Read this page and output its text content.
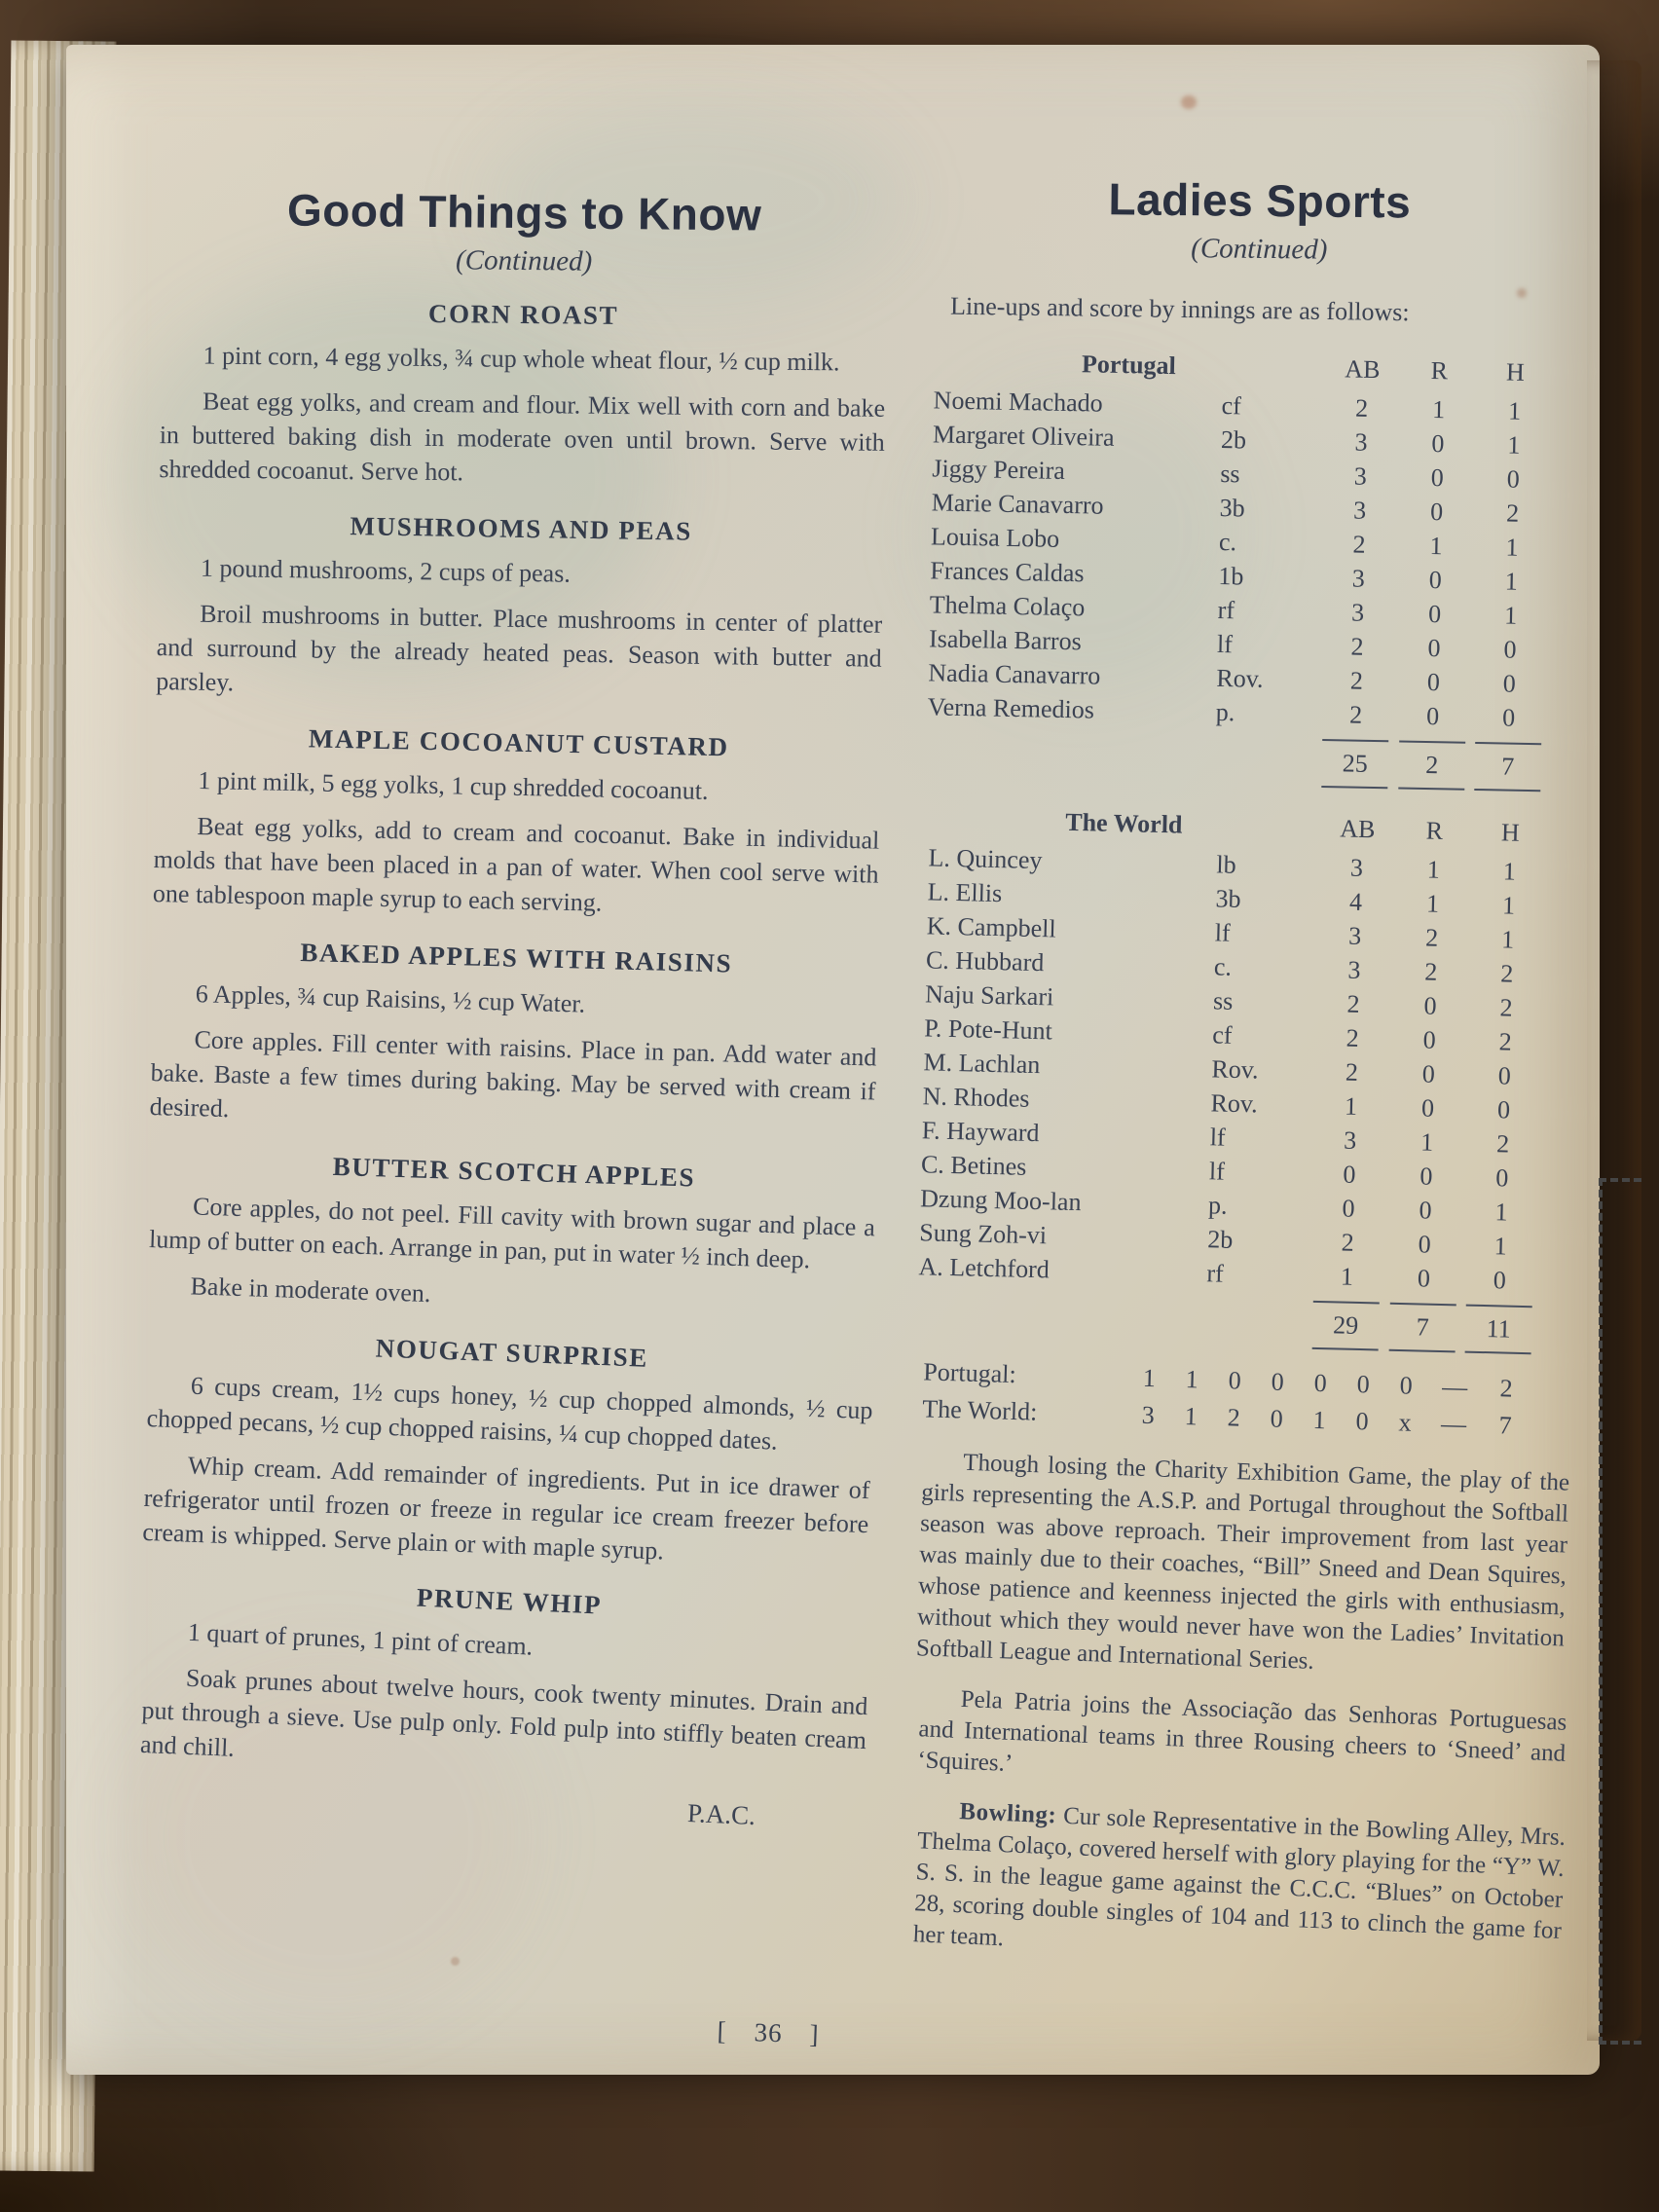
Good Things to Know
(Continued)
CORN ROAST

1 pint corn, 4 egg yolks, ¾ cup whole wheat flour, ½ cup milk.

Beat egg yolks, and cream and flour. Mix well with corn and bake in buttered baking dish in moderate oven until brown. Serve with shredded cocoanut. Serve hot.

MUSHROOMS AND PEAS

1 pound mushrooms, 2 cups of peas.

Broil mushrooms in butter. Place mushrooms in center of platter and surround by the already heated peas. Season with butter and parsley.

MAPLE COCOANUT CUSTARD

1 pint milk, 5 egg yolks, 1 cup shredded cocoanut.

Beat egg yolks, add to cream and cocoanut. Bake in individual molds that have been placed in a pan of water. When cool serve with one tablespoon maple syrup to each serving.

BAKED APPLES WITH RAISINS

6 Apples, ¾ cup Raisins, ½ cup Water.

Core apples. Fill center with raisins. Place in pan. Add water and bake. Baste a few times during baking. May be served with cream if desired.

BUTTER SCOTCH APPLES

Core apples, do not peel. Fill cavity with brown sugar and place a lump of butter on each. Arrange in pan, put in water ½ inch deep.

Bake in moderate oven.

NOUGAT SURPRISE

6 cups cream, 1½ cups honey, ½ cup chopped almonds, ½ cup chopped pecans, ½ cup chopped raisins, ¼ cup chopped dates.

Whip cream. Add remainder of ingredients. Put in ice drawer of refrigerator until frozen or freeze in regular ice cream freezer before cream is whipped. Serve plain or with maple syrup.

PRUNE WHIP

1 quart of prunes, 1 pint of cream.

Soak prunes about twelve hours, cook twenty minutes. Drain and put through a sieve. Use pulp only. Fold pulp into stiffly beaten cream and chill.

P.A.C.

Ladies Sports
(Continued)

Line-ups and score by innings are as follows:

Portugal	AB	R	H
Noemi Machado	cf	2	1	1
Margaret Oliveira	2b	3	0	1
Jiggy Pereira	ss	3	0	0
Marie Canavarro	3b	3	0	2
Louisa Lobo	c.	2	1	1
Frances Caldas	1b	3	0	1
Thelma Colaço	rf	3	0	1
Isabella Barros	lf	2	0	0
Nadia Canavarro	Rov.	2	0	0
Verna Remedios	p.	2	0	0
25	2	7
The World	AB	R	H
L. Quincey	lb	3	1	1
L. Ellis	3b	4	1	1
K. Campbell	lf	3	2	1
C. Hubbard	c.	3	2	2
Naju Sarkari	ss	2	0	2
P. Pote-Hunt	cf	2	0	2
M. Lachlan	Rov.	2	0	0
N. Rhodes	Rov.	1	0	0
F. Hayward	lf	3	1	2
C. Betines	lf	0	0	0
Dzung Moo-lan	p.	0	0	1
Sung Zoh-vi	2b	2	0	1
A. Letchford	rf	1	0	0
29	7	11
Portugal:	1	1	0	0	0	0	0	—	2
The World:	3	1	2	0	1	0	x	—	7

Though losing the Charity Exhibition Game, the play of the girls representing the A.S.P. and Portugal throughout the Softball season was above reproach. Their improvement from last year was mainly due to their coaches, “Bill” Sneed and Dean Squires, whose patience and keenness injected the girls with enthusiasm, without which they would never have won the Ladies’ Invitation Softball League and International Series.

Pela Patria joins the Associação das Senhoras Portuguesas and International teams in three Rousing cheers to ‘Sneed’ and ‘Squires.’

Bowling: Cur sole Representative in the Bowling Alley, Mrs. Thelma Colaço, covered herself with glory playing for the “Y” W. S. S. in the league game against the C.C.C. “Blues” on October 28, scoring double singles of 104 and 113 to clinch the game for her team.

[ 36 ]
